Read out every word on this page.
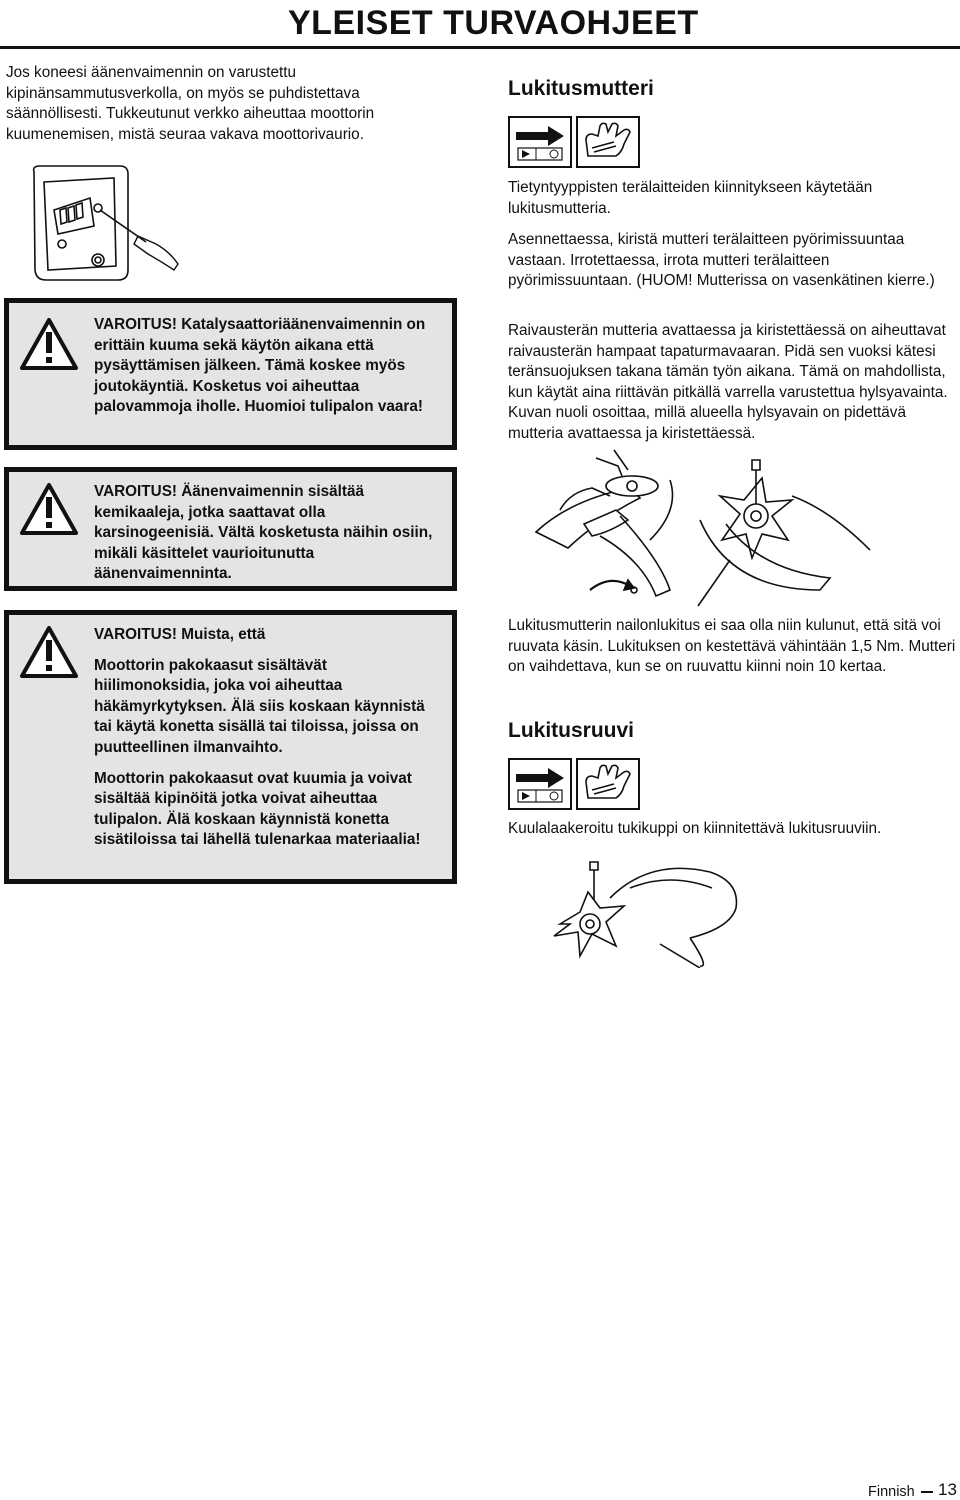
YLEISET TURVAOHJEET

Jos koneesi äänenvaimennin on varustettu kipinänsammutusverkolla, on myös se puhdistettava säännöllisesti. Tukkeutunut verkko aiheuttaa moottorin kuumenemisen, mistä seuraa vakava moottorivaurio.

VAROITUS! Katalysaattoriäänenvaimennin on erittäin kuuma sekä käytön aikana että pysäyttämisen jälkeen. Tämä koskee myös joutokäyntiä. Kosketus voi aiheuttaa palovammoja iholle. Huomioi tulipalon vaara!
VAROITUS! Äänenvaimennin sisältää kemikaaleja, jotka saattavat olla karsinogeenisiä. Vältä kosketusta näihin osiin, mikäli käsittelet vaurioitunutta äänenvaimenninta.

VAROITUS! Muista, että

Moottorin pakokaasut sisältävät hiilimonoksidia, joka voi aiheuttaa häkämyrkytyksen. Älä siis koskaan käynnistä tai käytä konetta sisällä tai tiloissa, joissa on puutteellinen ilmanvaihto.

Moottorin pakokaasut ovat kuumia ja voivat sisältää kipinöitä jotka voivat aiheuttaa tulipalon. Älä koskaan käynnistä konetta sisätiloissa tai lähellä tulenarkaa materiaalia!

Lukitusmutteri

Tietyntyyppisten terälaitteiden kiinnitykseen käytetään lukitusmutteria.

Asennettaessa, kiristä mutteri terälaitteen pyörimissuuntaa vastaan. Irrotettaessa, irrota mutteri terälaitteen pyörimissuuntaan. (HUOM! Mutterissa on vasenkätinen kierre.)

Raivausterän mutteria avattaessa ja kiristettäessä on aiheuttavat raivausterän hampaat tapaturmavaaran. Pidä sen vuoksi kätesi teränsuojuksen takana tämän työn aikana. Tämä on mahdollista, kun käytät aina riittävän pitkällä varrella varustettua hylsyavainta. Kuvan nuoli osoittaa, millä alueella hylsyavain on pidettävä mutteria avattaessa ja kiristettäessä.

Lukitusmutterin nailonlukitus ei saa olla niin kulunut, että sitä voi ruuvata käsin. Lukituksen on kestettävä vähintään 1,5 Nm. Mutteri on vaihdettava, kun se on ruuvattu kiinni noin 10 kertaa.

Lukitusruuvi

Kuulalaakeroitu tukikuppi on kiinnitettävä lukitusruuviin.

Finnish 13
